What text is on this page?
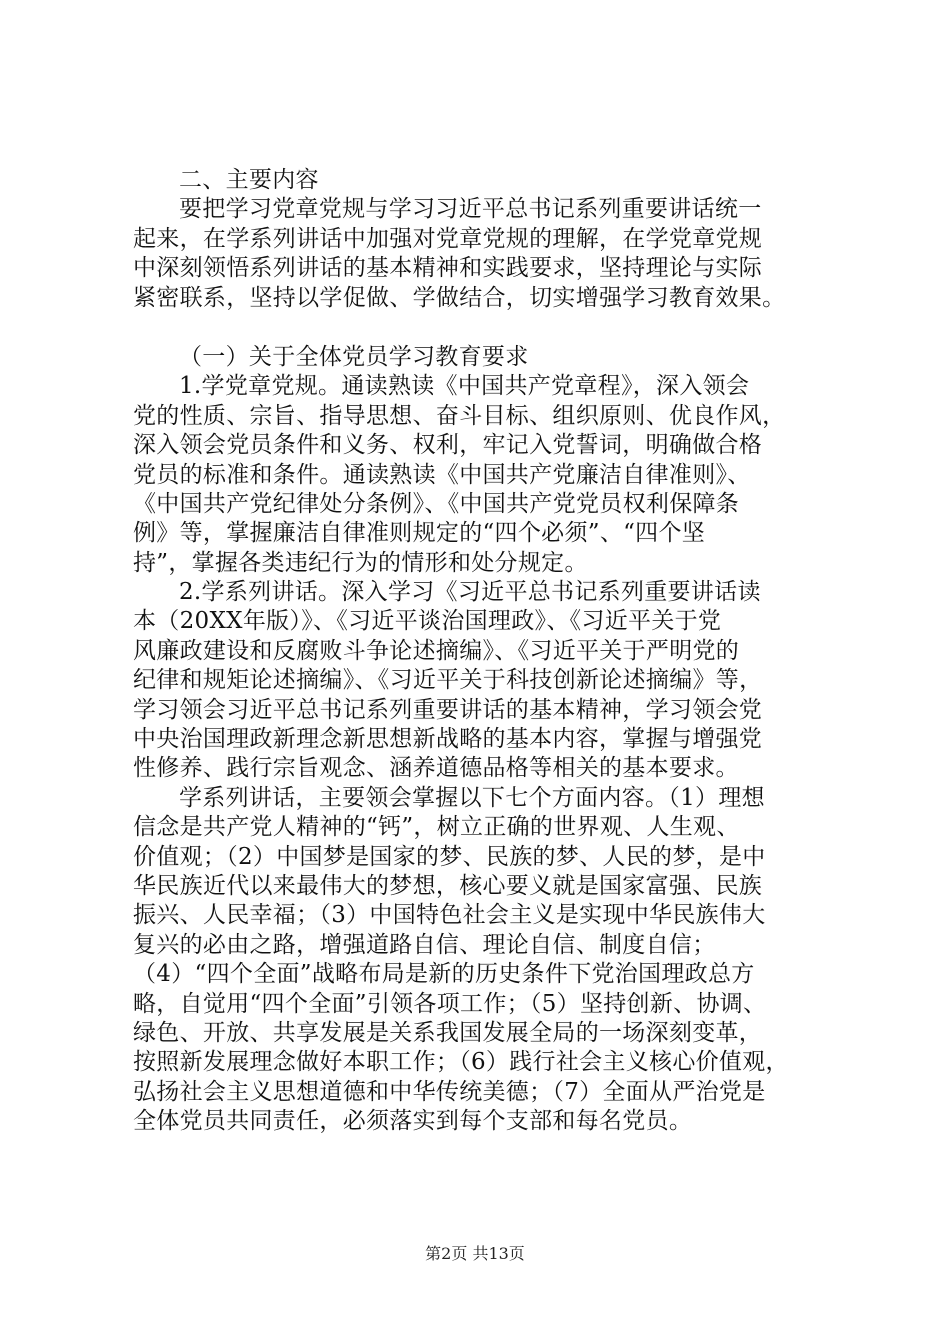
二、主要内容
要把学习党章党规与学习习近平总书记系列重要讲话统一
起来，在学系列讲话中加强对党章党规的理解，在学党章党规
中深刻领悟系列讲话的基本精神和实践要求，坚持理论与实际
紧密联系，坚持以学促做、学做结合，切实增强学习教育效果。
（一）关于全体党员学习教育要求
1.学党章党规。通读熟读《中国共产党章程》，深入领会
党的性质、宗旨、指导思想、奋斗目标、组织原则、优良作风，
深入领会党员条件和义务、权利，牢记入党誓词，明确做合格
党员的标准和条件。通读熟读《中国共产党廉洁自律准则》、
《中国共产党纪律处分条例》、《中国共产党党员权利保障条
例》等，掌握廉洁自律准则规定的“四个必须”、“四个坚
持”，掌握各类违纪行为的情形和处分规定。
2.学系列讲话。深入学习《习近平总书记系列重要讲话读
本（20XX年版）》、《习近平谈治国理政》、《习近平关于党
风廉政建设和反腐败斗争论述摘编》、《习近平关于严明党的
纪律和规矩论述摘编》、《习近平关于科技创新论述摘编》等，
学习领会习近平总书记系列重要讲话的基本精神，学习领会党
中央治国理政新理念新思想新战略的基本内容，掌握与增强党
性修养、践行宗旨观念、涵养道德品格等相关的基本要求。
学系列讲话，主要领会掌握以下七个方面内容。（1）理想
信念是共产党人精神的“钙”，树立正确的世界观、人生观、
价值观；（2）中国梦是国家的梦、民族的梦、人民的梦，是中
华民族近代以来最伟大的梦想，核心要义就是国家富强、民族
振兴、人民幸福；（3）中国特色社会主义是实现中华民族伟大
复兴的必由之路，增强道路自信、理论自信、制度自信；
（4）“四个全面”战略布局是新的历史条件下党治国理政总方
略，自觉用“四个全面”引领各项工作；（5）坚持创新、协调、
绿色、开放、共享发展是关系我国发展全局的一场深刻变革，
按照新发展理念做好本职工作；（6）践行社会主义核心价值观，
弘扬社会主义思想道德和中华传统美德；（7）全面从严治党是
全体党员共同责任，必须落实到每个支部和每名党员。
第2页 共13页
